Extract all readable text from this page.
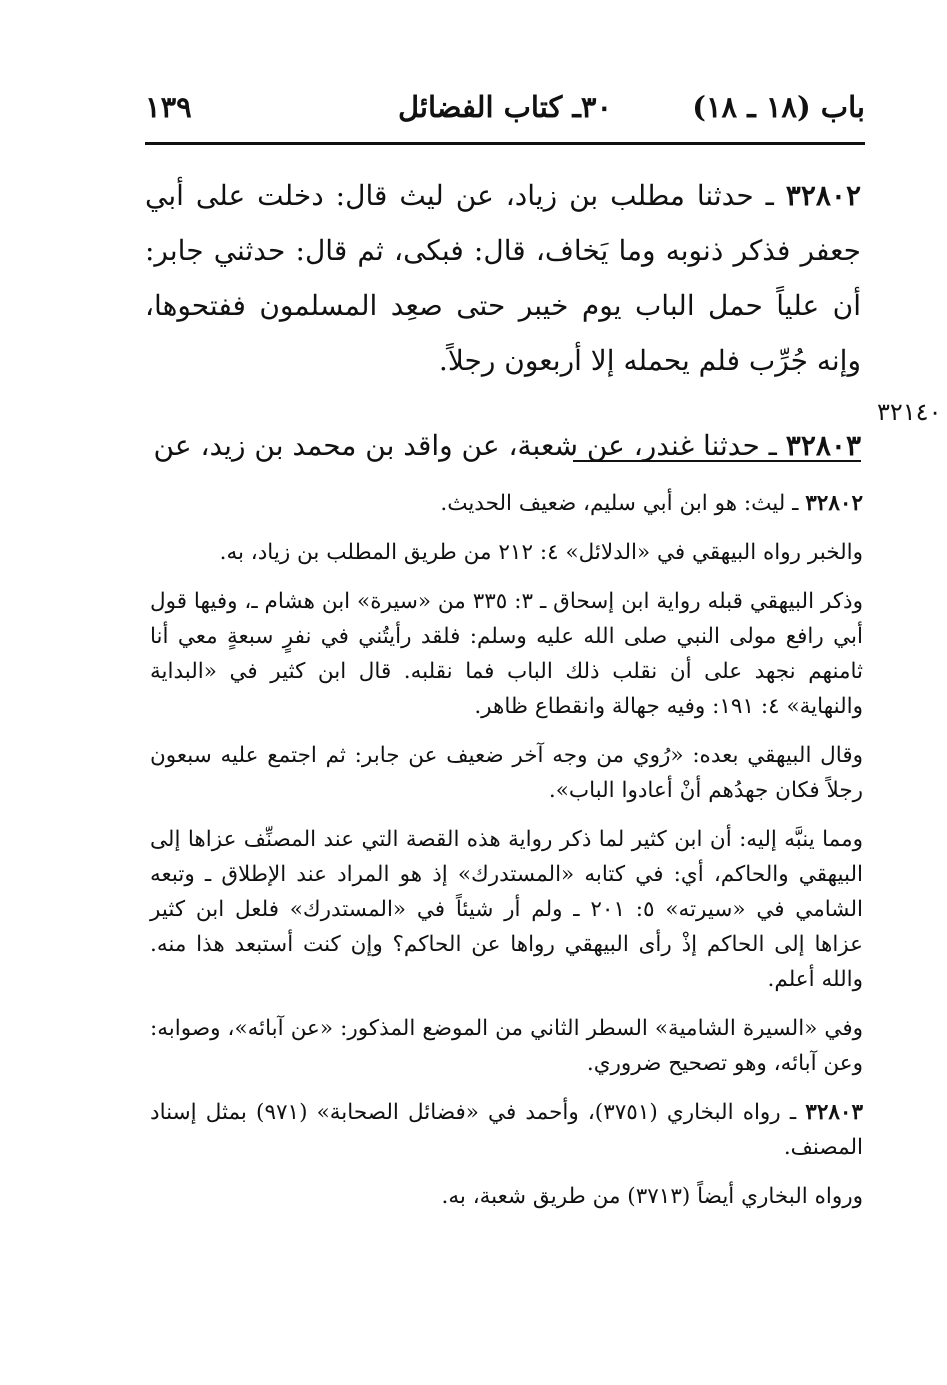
باب (١٨ ـ ١٨)
٣٠ـ كتاب الفضائل
١٣٩

٣٢٨٠٢ ـ حدثنا مطلب بن زياد، عن ليث قال: دخلت على أبي جعفر فذكر ذنوبه وما يَخاف، قال: فبكى، ثم قال: حدثني جابر: أن علياً حمل الباب يوم خيبر حتى صعِد المسلمون ففتحوها، وإنه جُرِّب فلم يحمله إلا أربعون رجلاً.

٣٢٨٠٣ ـ حدثنا غندر، عن شعبة، عن واقد بن محمد بن زيد، عن

٣٢١٤٠

٣٢٨٠٢ ـ ليث: هو ابن أبي سليم، ضعيف الحديث.

والخبر رواه البيهقي في «الدلائل» ٤: ٢١٢ من طريق المطلب بن زياد، به.

وذكر البيهقي قبله رواية ابن إسحاق ـ ٣: ٣٣٥ من «سيرة» ابن هشام ـ، وفيها قول أبي رافع مولى النبي صلى الله عليه وسلم: فلقد رأيتُني في نفرٍ سبعةٍ معي أنا ثامنهم نجهد على أن نقلب ذلك الباب فما نقلبه. قال ابن كثير في «البداية والنهاية» ٤: ١٩١: وفيه جهالة وانقطاع ظاهر.

وقال البيهقي بعده: «رُوي من وجه آخر ضعيف عن جابر: ثم اجتمع عليه سبعون رجلاً فكان جهدُهم أنْ أعادوا الباب».

ومما ينبَّه إليه: أن ابن كثير لما ذكر رواية هذه القصة التي عند المصنِّف عزاها إلى البيهقي والحاكم، أي: في كتابه «المستدرك» إذ هو المراد عند الإطلاق ـ وتبعه الشامي في «سيرته» ٥: ٢٠١ ـ ولم أر شيئاً في «المستدرك» فلعل ابن كثير عزاها إلى الحاكم إذْ رأى البيهقي رواها عن الحاكم؟ وإن كنت أستبعد هذا منه. والله أعلم.

وفي «السيرة الشامية» السطر الثاني من الموضع المذكور: «عن آبائه»، وصوابه: وعن آبائه، وهو تصحيح ضروري.

٣٢٨٠٣ ـ رواه البخاري (٣٧٥١)، وأحمد في «فضائل الصحابة» (٩٧١) بمثل إسناد المصنف.

ورواه البخاري أيضاً (٣٧١٣) من طريق شعبة، به.
